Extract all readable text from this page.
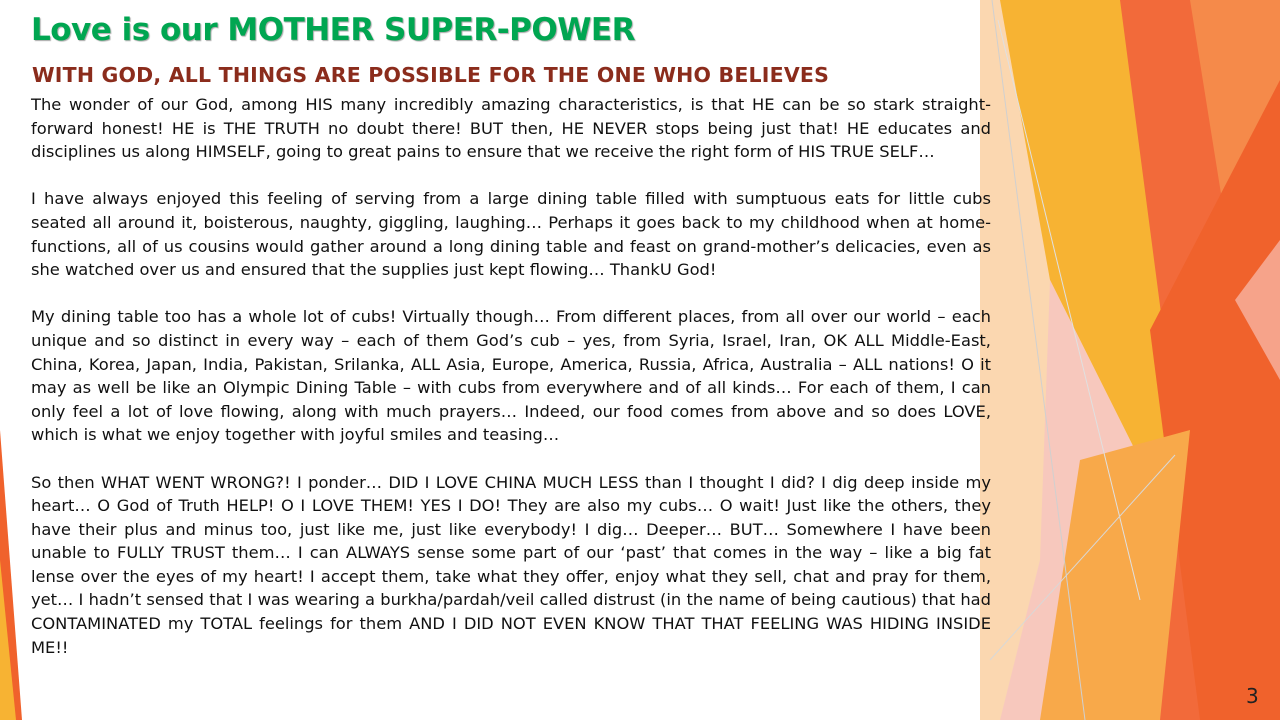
Love is our MOTHER SUPER-POWER
WITH GOD, ALL THINGS ARE POSSIBLE FOR THE ONE WHO BELIEVES

The wonder of our God, among HIS many incredibly amazing characteristics, is that HE can be so stark straight-forward honest! HE is THE TRUTH no doubt there! BUT then, HE NEVER stops being just that! HE educates and disciplines us along HIMSELF, going to great pains to ensure that we receive the right form of HIS TRUE SELF…

I have always enjoyed this feeling of serving from a large dining table filled with sumptuous eats for little cubs seated all around it, boisterous, naughty, giggling, laughing… Perhaps it goes back to my childhood when at home-functions, all of us cousins would gather around a long dining table and feast on grand-mother’s delicacies, even as she watched over us and ensured that the supplies just kept flowing… ThankU God!

My dining table too has a whole lot of cubs! Virtually though… From different places, from all over our world – each unique and so distinct in every way – each of them God’s cub – yes, from Syria, Israel, Iran, OK ALL Middle-East, China, Korea, Japan, India, Pakistan, Srilanka, ALL Asia, Europe, America, Russia, Africa, Australia – ALL nations! O it may as well be like an Olympic Dining Table – with cubs from everywhere and of all kinds… For each of them, I can only feel a lot of love flowing, along with much prayers… Indeed, our food comes from above and so does LOVE, which is what we enjoy together with joyful smiles and teasing…

So then WHAT WENT WRONG?! I ponder… DID I LOVE CHINA MUCH LESS than I thought I did? I dig deep inside my heart… O God of Truth HELP! O I LOVE THEM! YES I DO! They are also my cubs… O wait! Just like the others, they have their plus and minus too, just like me, just like everybody! I dig… Deeper… BUT… Somewhere I have been unable to FULLY TRUST them… I can ALWAYS sense some part of our ‘past’ that comes in the way – like a big fat lense over the eyes of my heart! I accept them, take what they offer, enjoy what they sell, chat and pray for them, yet… I hadn’t sensed that I was wearing a burkha/pardah/veil called distrust (in the name of being cautious) that had CONTAMINATED my TOTAL feelings for them AND I DID NOT EVEN KNOW THAT THAT FEELING WAS HIDING INSIDE ME!!

3
